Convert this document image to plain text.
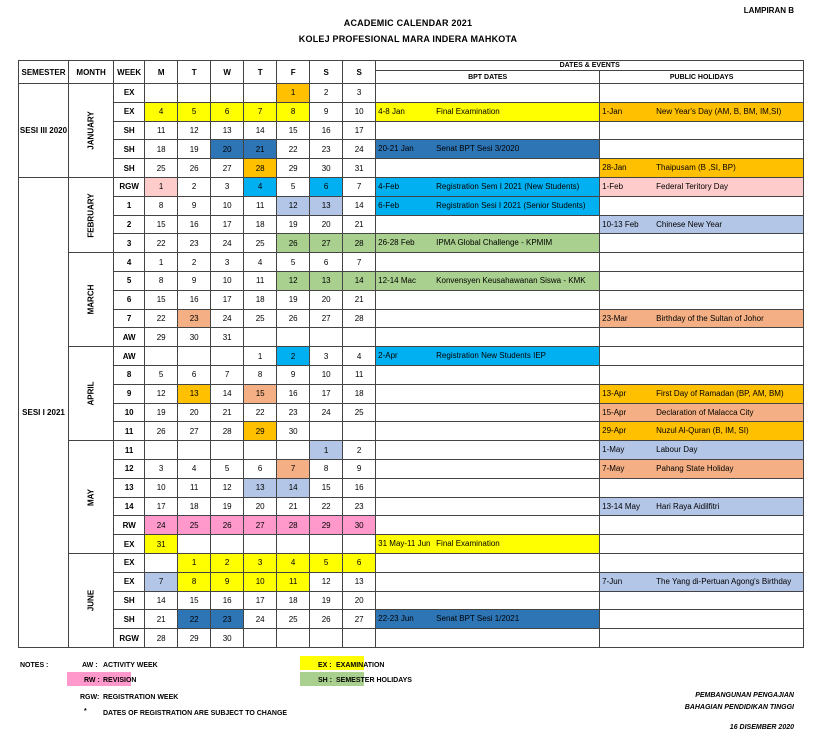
LAMPIRAN B
ACADEMIC CALENDAR 2021
KOLEJ PROFESIONAL MARA INDERA MAHKOTA
SEMESTER	MONTH	WEEK	M	T	W	T	F	S	S	DATES & EVENTS	
										BPT DATES	PUBLIC HOLIDAYS
SESI III 2020	JANUARY	EX					1	2	3		
		EX	4	5	6	7	8	9	10	4-8 Jan Final Examination	1-Jan New Year's Day (AM, B, BM, IM,SI)

		SH	11	12	13	14	15	16	17		
		SH	18	19	20	21	22	23	24	20-21 Jan Senat BPT Sesi 3/2020	

		SH	25	26	27	28	29	30	31		28-Jan Thaipusam (B ,SI, BP)

SESI I 2021	FEBRUARY	RGW	1	2	3	4	5	6	7	4-Feb Registration Sem I 2021 (New Students)	1-Feb Federal Teritory Day

		1	8	9	10	11	12	13	14	6-Feb Registration Sesi I 2021 (Senior Students)	

		2	15	16	17	18	19	20	21		10-13 Feb Chinese New Year

		3	22	23	24	25	26	27	28	26-28 Feb IPMA Global Challenge - KPMIM	

	MARCH	4	1	2	3	4	5	6	7		
		5	8	9	10	11	12	13	14	12-14 Mac Konvensyen Keusahawanan Siswa - KMK	

		6	15	16	17	18	19	20	21		
		7	22	23	24	25	26	27	28		23-Mar Birthday of the Sultan of Johor

		AW	29	30	31						

	APRIL	AW				1	2	3	4	2-Apr Registration New Students IEP	

		8	5	6	7	8	9	10	11		
		9	12	13	14	15	16	17	18		13-Apr First Day of Ramadan (BP, AM, BM)

		10	19	20	21	22	23	24	25		15-Apr Declaration of Malacca City

		11	26	27	28	29	30				29-Apr Nuzul Al-Quran (B, IM, SI)

	MAY	11						1	2		1-May Labour Day

		12	3	4	5	6	7	8	9		7-May Pahang State Holiday

		13	10	11	12	13	14	15	16		
		14	17	18	19	20	21	22	23		13-14 May Hari Raya Aidilfitri

		RW	24	25	26	27	28	29	30		
		EX	31							31 May-11 Jun Final Examination	

	JUNE	EX		1	2	3	4	5	6		
		EX	7	8	9	10	11	12	13		7-Jun The Yang di-Pertuan Agong's Birthday

		SH	14	15	16	17	18	19	20		
		SH	21	22	23	24	25	26	27	22-23 Jun Senat BPT Sesi 1/2021	

		RGW	28	29	30						
NOTES :	AW : ACTIVITY WEEK
RW : REVISION
RGW: REGISTRATION WEEK
* DATES OF REGISTRATION ARE SUBJECT TO CHANGE
EX : EXAMINATION
SH : SEMESTER HOLIDAYS
PEMBANGUNAN PENGAJIAN
BAHAGIAN PENDIDIKAN TINGGI
16 DISEMBER 2020
